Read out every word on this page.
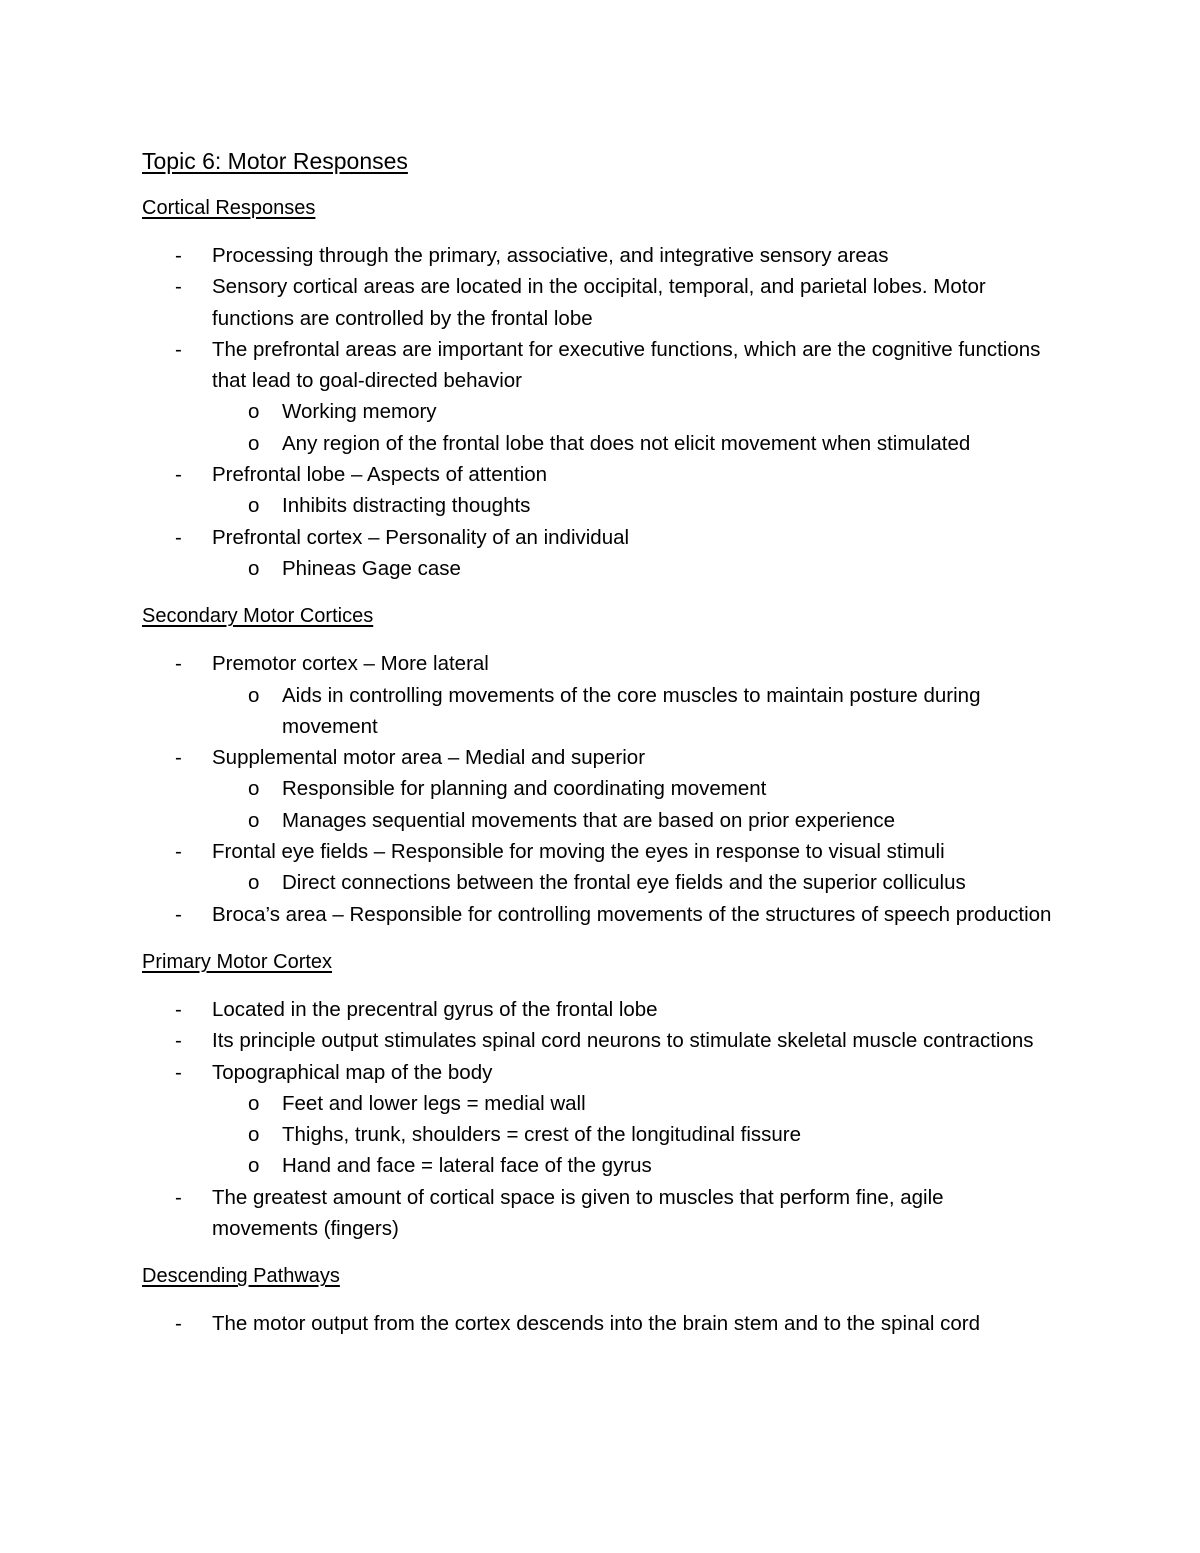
Topic 6: Motor Responses
Cortical Responses
-	Processing through the primary, associative, and integrative sensory areas
-	Sensory cortical areas are located in the occipital, temporal, and parietal lobes. Motor functions are controlled by the frontal lobe
-	The prefrontal areas are important for executive functions, which are the cognitive functions that lead to goal-directed behavior
o	Working memory
o	Any region of the frontal lobe that does not elicit movement when stimulated
-	Prefrontal lobe – Aspects of attention
o	Inhibits distracting thoughts
-	Prefrontal cortex – Personality of an individual
o	Phineas Gage case
Secondary Motor Cortices
-	Premotor cortex – More lateral
o	Aids in controlling movements of the core muscles to maintain posture during movement
-	Supplemental motor area – Medial and superior
o	Responsible for planning and coordinating movement
o	Manages sequential movements that are based on prior experience
-	Frontal eye fields – Responsible for moving the eyes in response to visual stimuli
o	Direct connections between the frontal eye fields and the superior colliculus
-	Broca’s area – Responsible for controlling movements of the structures of speech production
Primary Motor Cortex
-	Located in the precentral gyrus of the frontal lobe
-	Its principle output stimulates spinal cord neurons to stimulate skeletal muscle contractions
-	Topographical map of the body
o	Feet and lower legs = medial wall
o	Thighs, trunk, shoulders = crest of the longitudinal fissure
o	Hand and face = lateral face of the gyrus
-	The greatest amount of cortical space is given to muscles that perform fine, agile movements (fingers)
Descending Pathways
-	The motor output from the cortex descends into the brain stem and to the spinal cord
